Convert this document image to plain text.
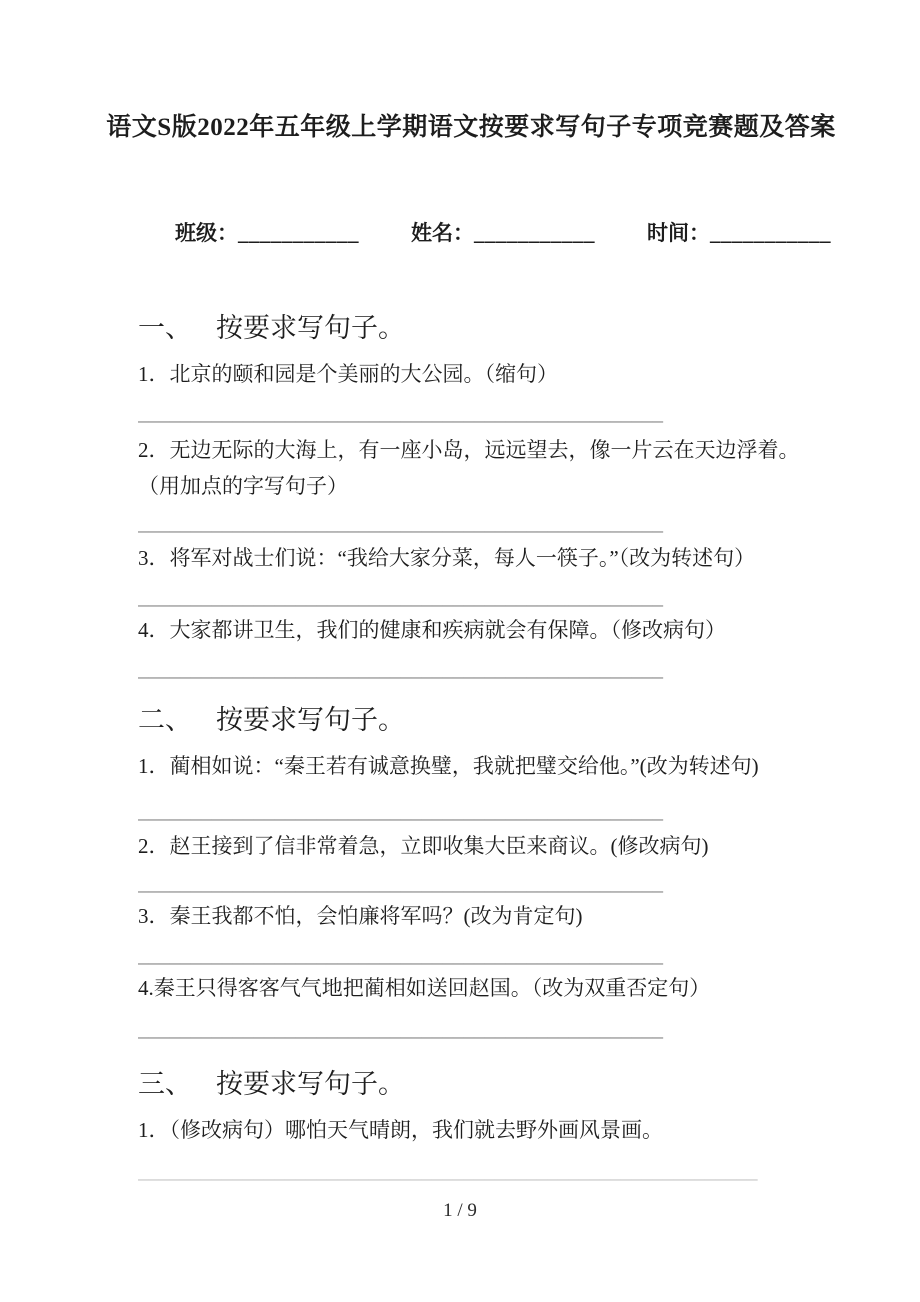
语文S版2022年五年级上学期语文按要求写句子专项竞赛题及答案
班级：___________ 姓名：___________ 时间：___________
一、 按要求写句子。
1．北京的颐和园是个美丽的大公园。（缩句）
__________________________________________________
2．无边无际的大海上，有一座小岛，远远望去，像一片云在天边浮着。（用加点的字写句子）
__________________________________________________
3．将军对战士们说：“我给大家分菜，每人一筷子。”（改为转述句）
__________________________________________________
4．大家都讲卫生，我们的健康和疾病就会有保障。（修改病句）
__________________________________________________
二、 按要求写句子。
1．蔺相如说：“秦王若有诚意换璧，我就把璧交给他。”(改为转述句)
__________________________________________________
2．赵王接到了信非常着急，立即收集大臣来商议。(修改病句)
__________________________________________________
3．秦王我都不怕，会怕廉将军吗？(改为肯定句)
__________________________________________________
4.秦王只得客客气气地把蔺相如送回赵国。（改为双重否定句）
__________________________________________________
三、 按要求写句子。
1．（修改病句）哪怕天气晴朗，我们就去野外画风景画。
___________________________________________________________
1 / 9
